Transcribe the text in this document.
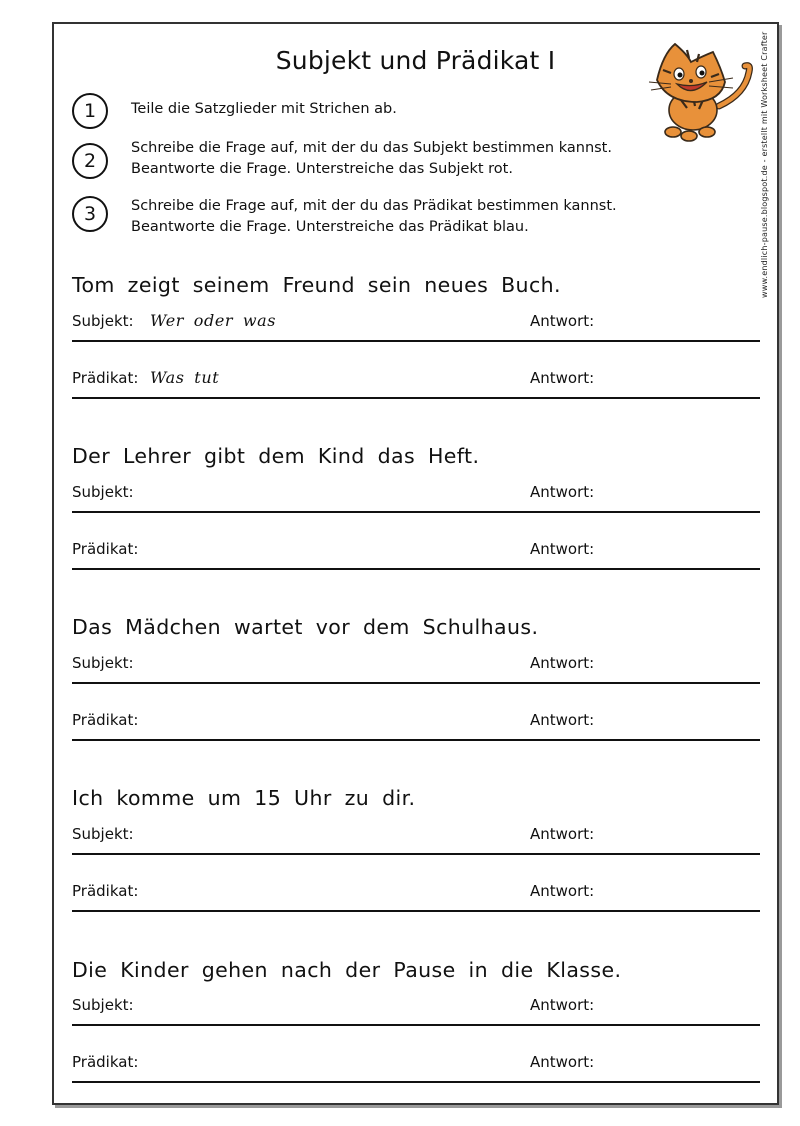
Subjekt und Prädikat I	www.endlich-pause.blogspot.de - erstellt mit Worksheet Crafter
1	Teile die Satzglieder mit Strichen ab.
2
Schreibe die Frage auf, mit der du das Subjekt bestimmen kannst.
Beantworte die Frage. Unterstreiche das Subjekt rot.
3	Schreibe die Frage auf, mit der du das Prädikat bestimmen kannst.
Beantworte die Frage. Unterstreiche das Prädikat blau.
Tom zeigt seinem Freund sein neues Buch.
Subjekt: Wer oder was	Antwort:
Prädikat: Was tut	Antwort:
Der Lehrer gibt dem Kind das Heft.
Subjekt:	Antwort:
Prädikat:	Antwort:
Das Mädchen wartet vor dem Schulhaus.
Subjekt:	Antwort:
Prädikat:	Antwort:
Ich komme um 15 Uhr zu dir.
Subjekt:	Antwort:
Prädikat:	Antwort:
Die Kinder gehen nach der Pause in die Klasse.
Subjekt:	Antwort:
Prädikat:	Antwort:
